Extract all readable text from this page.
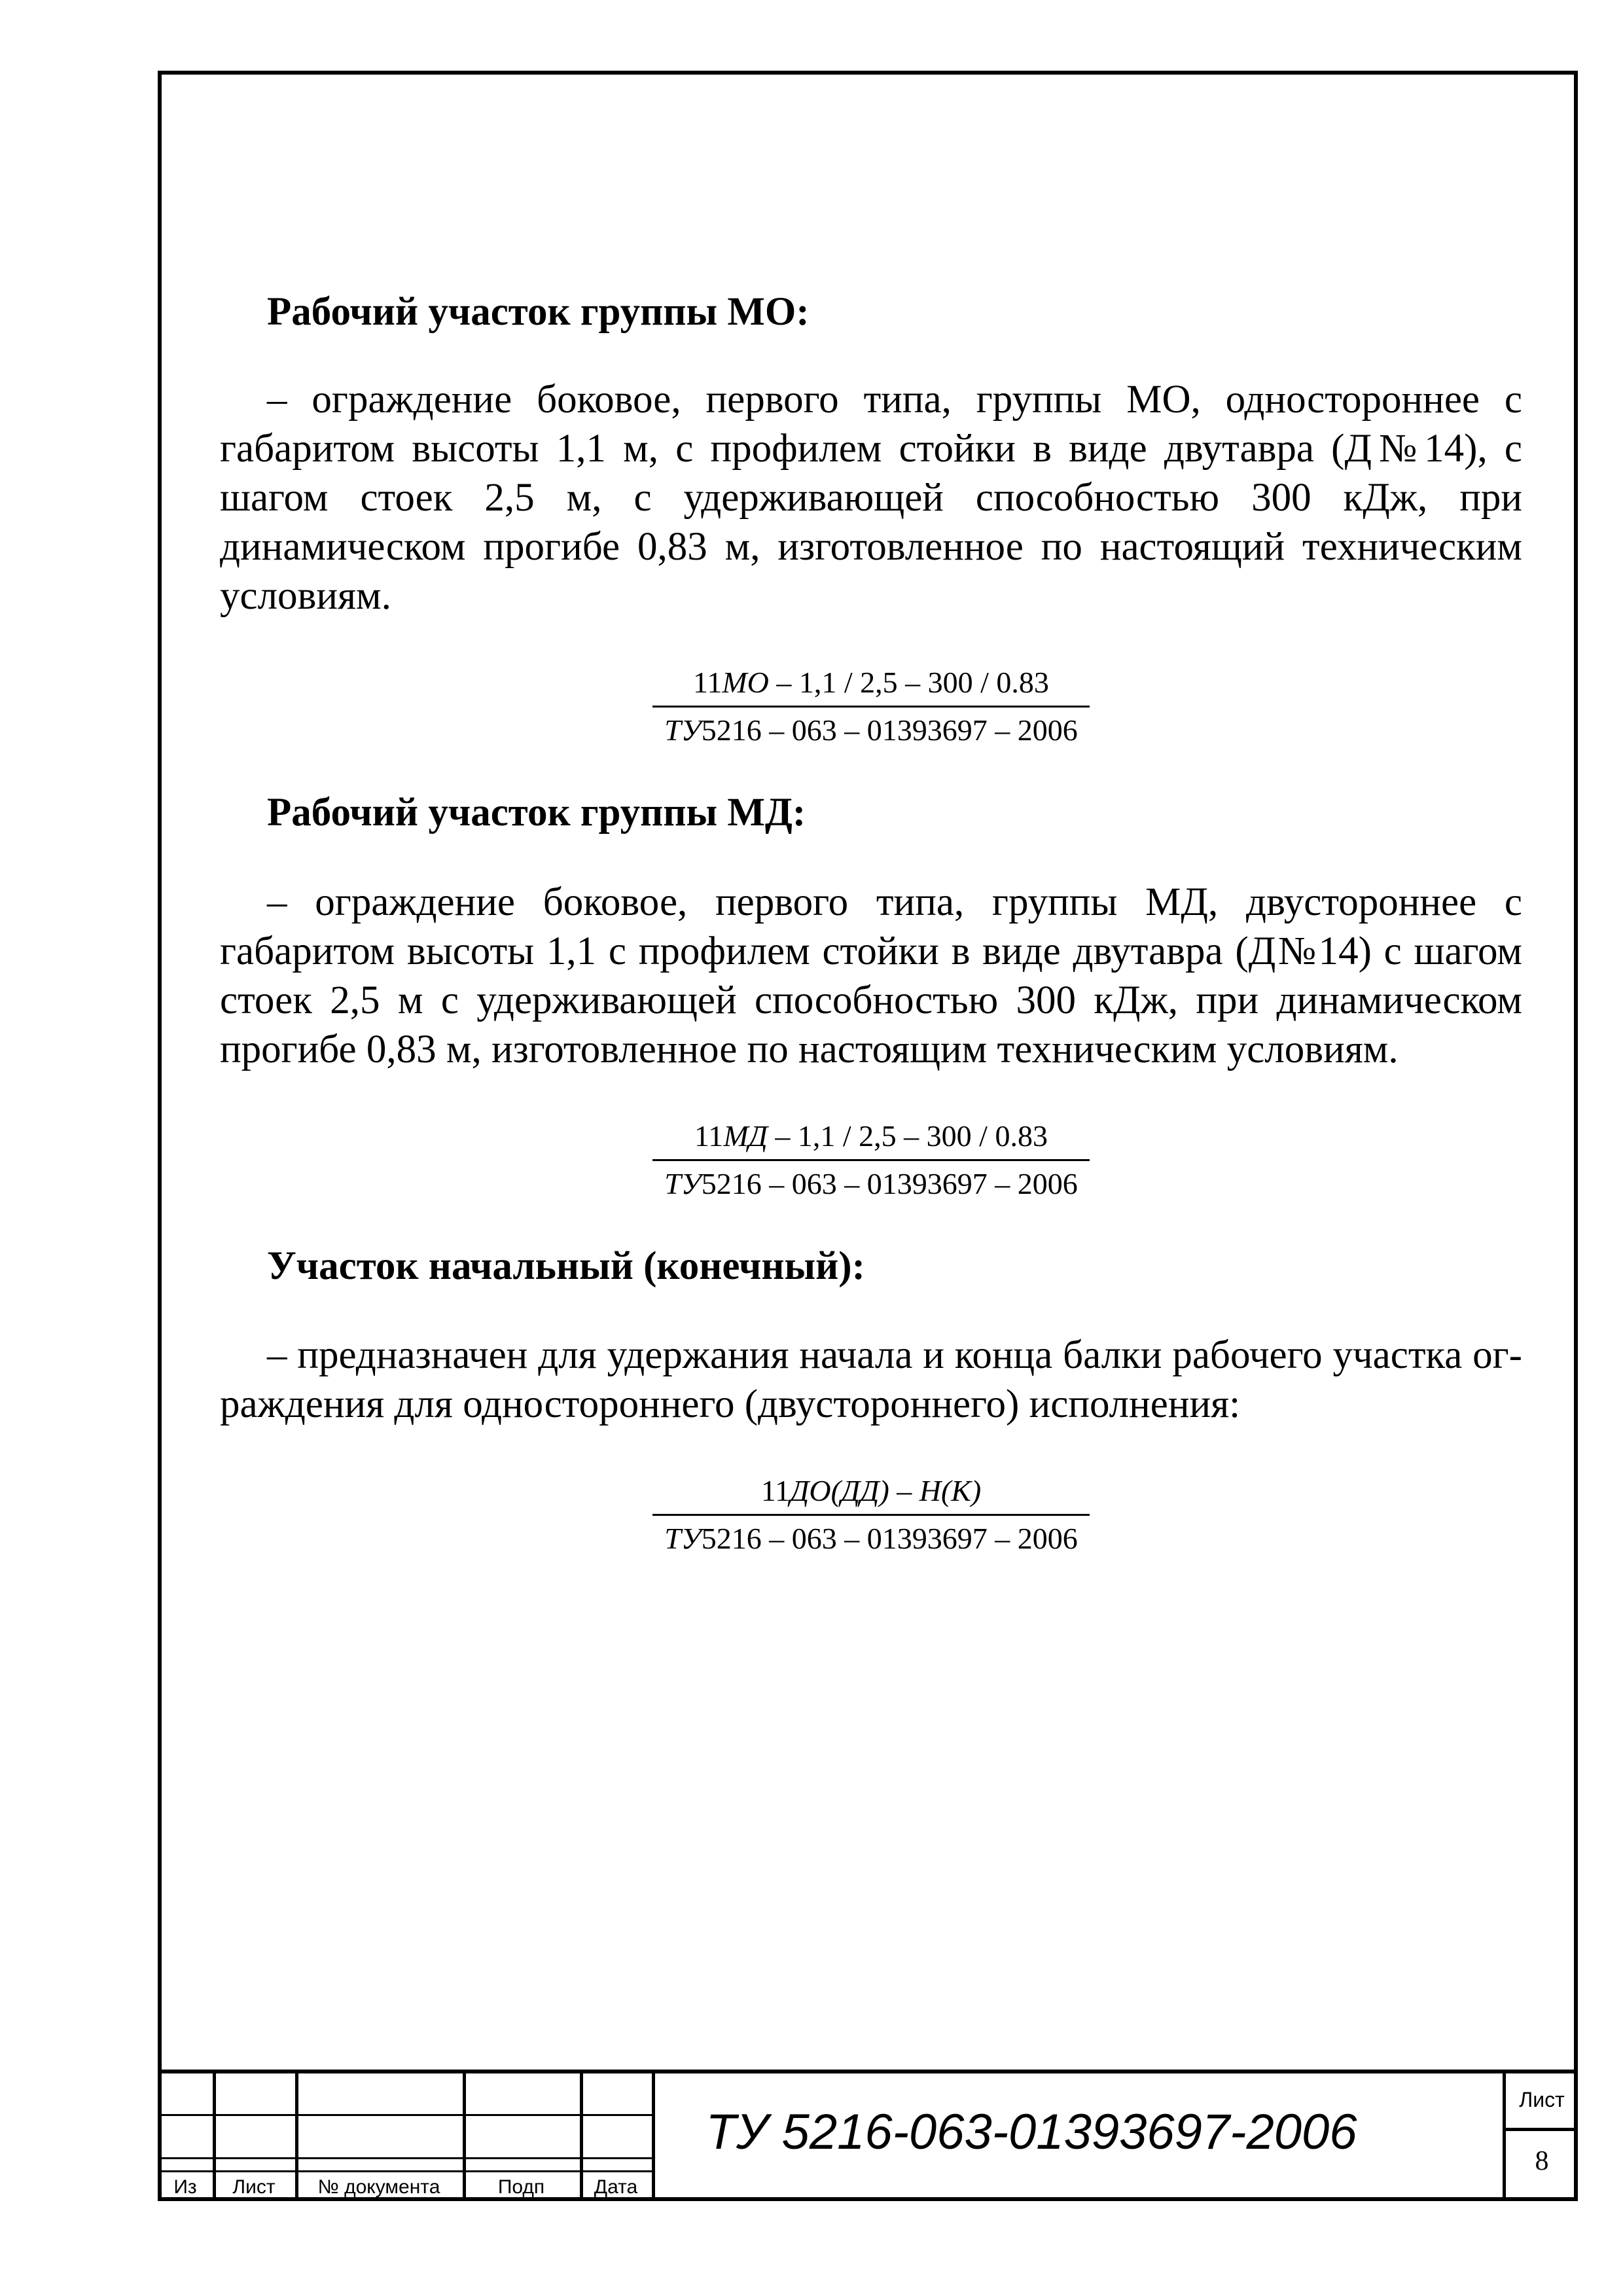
Рабочий участок группы МО:

– ограждение боковое, первого типа, группы МО, одностороннее с габаритом высоты 1,1 м, с профилем стойки в виде двутавра (Д№14), с шагом стоек 2,5 м, с удерживающей способностью 300 кДж, при динамическом прогибе 0,83 м, изготовленное по настоящий техническим условиям.

$\frac{11МО - 1,1 / 2,5 - 300 / 0.83}{ТУ5216 - 063 - 01393697 - 2006}$

Рабочий участок группы МД:

– ограждение боковое, первого типа, группы МД, двустороннее с габаритом высоты 1,1 с профилем стойки в виде двутавра (Д№14) с шагом стоек 2,5 м с удерживающей способностью 300 кДж, при динамическом прогибе 0,83 м, изготовленное по настоящим техническим условиям.

$\frac{11МД - 1,1 / 2,5 - 300 / 0.83}{ТУ5216 - 063 - 01393697 - 2006}$

Участок начальный (конечный):

– предназначен для удержания начала и конца балки рабочего участка ограждения для одностороннего (двустороннего) исполнения:

$\frac{11ДО(ДД) - Н(К)}{ТУ5216 - 063 - 01393697 - 2006}$
Из	Лист	№ документа	Подп	Дата
ТУ 5216-063-01393697-2006
Лист
8
